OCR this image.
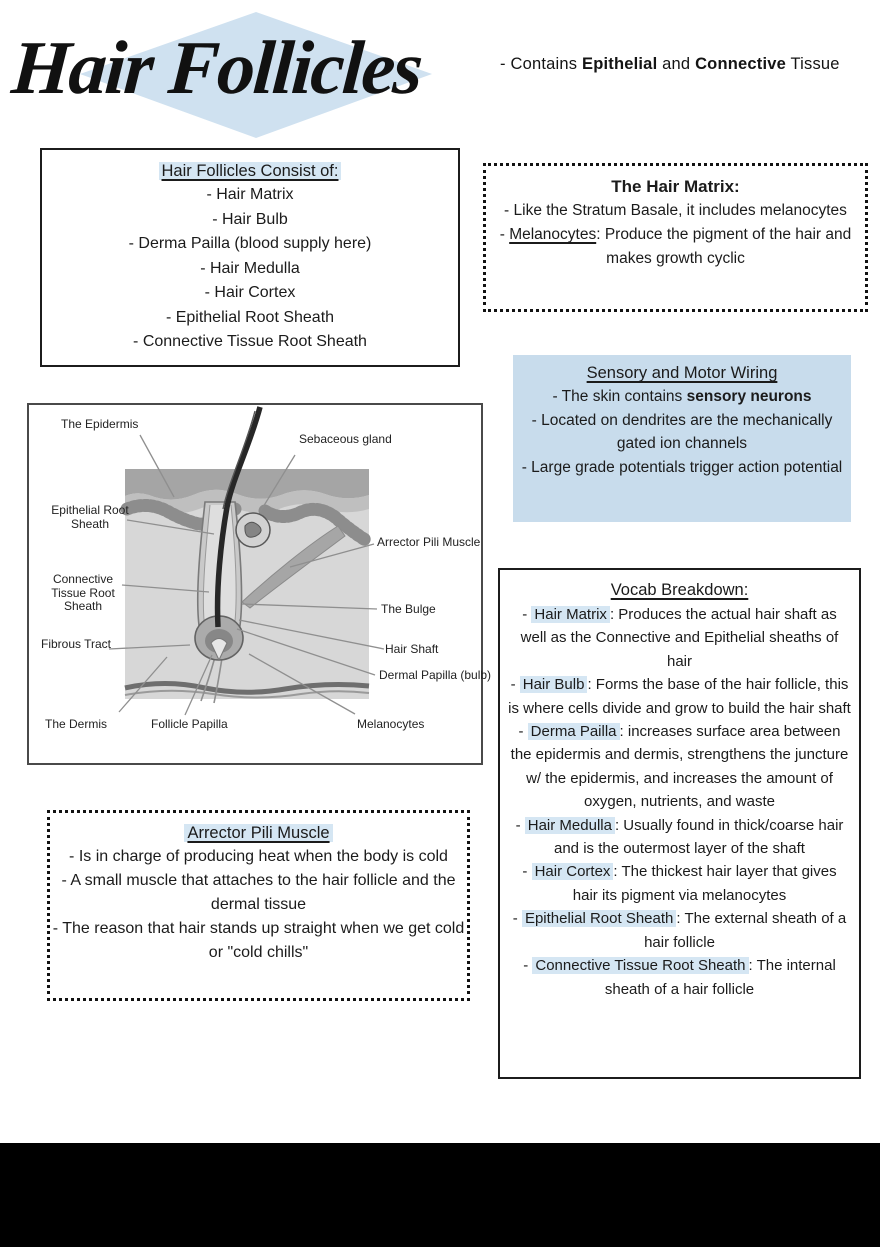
Hair Follicles	- Contains Epithelial and Connective Tissue
Hair Follicles Consist of:
- Hair Matrix
- Hair Bulb
- Derma Pailla (blood supply here)
- Hair Medulla
- Hair Cortex
- Epithelial Root Sheath
- Connective Tissue Root Sheath
The Hair Matrix:
- Like the Stratum Basale, it includes melanocytes
- Melanocytes: Produce the pigment of the hair and makes growth cyclic
Sensory and Motor Wiring
- The skin contains sensory neurons
- Located on dendrites are the mechanically gated ion channels
- Large grade potentials trigger action potential
The Epidermis
Sebaceous gland
Epithelial Root Sheath
Connective Tissue Root Sheath
Fibrous Tract
The Dermis	Follicle Papilla
Arrector Pili Muscle
The Bulge
Hair Shaft
Dermal Papilla (bulb)
Melanocytes
Arrector Pili Muscle
- Is in charge of producing heat when the body is cold
- A small muscle that attaches to the hair follicle and the dermal tissue
- The reason that hair stands up straight when we get cold or "cold chills"
Vocab Breakdown:
- Hair Matrix : Produces the actual hair shaft as well as the Connective and Epithelial sheaths of hair
- Hair Bulb : Forms the base of the hair follicle, this is where cells divide and grow to build the hair shaft
- Derma Pailla : increases surface area between the epidermis and dermis, strengthens the juncture w/ the epidermis, and increases the amount of oxygen, nutrients, and waste
- Hair Medulla : Usually found in thick/coarse hair and is the outermost layer of the shaft
- Hair Cortex : The thickest hair layer that gives hair its pigment via melanocytes
- Epithelial Root Sheath : The external sheath of a hair follicle
- Connective Tissue Root Sheath : The internal sheath of a hair follicle
